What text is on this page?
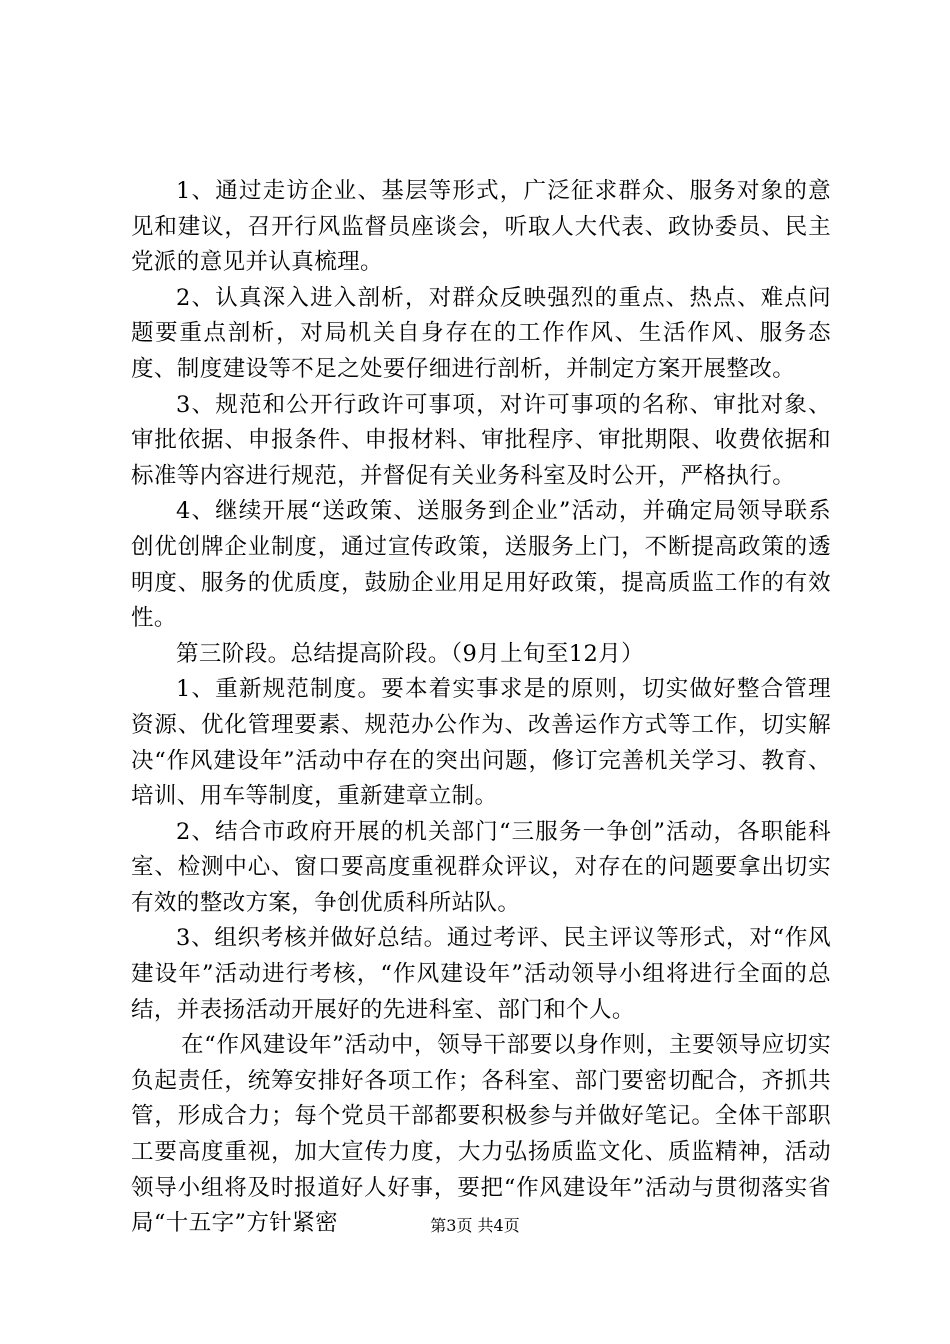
1、通过走访企业、基层等形式，广泛征求群众、服务对象的意见和建议，召开行风监督员座谈会，听取人大代表、政协委员、民主党派的意见并认真梳理。

2、认真深入进入剖析，对群众反映强烈的重点、热点、难点问题要重点剖析，对局机关自身存在的工作作风、生活作风、服务态度、制度建设等不足之处要仔细进行剖析，并制定方案开展整改。

3、规范和公开行政许可事项，对许可事项的名称、审批对象、审批依据、申报条件、申报材料、审批程序、审批期限、收费依据和标准等内容进行规范，并督促有关业务科室及时公开，严格执行。

4、继续开展“送政策、送服务到企业”活动，并确定局领导联系创优创牌企业制度，通过宣传政策，送服务上门，不断提高政策的透明度、服务的优质度，鼓励企业用足用好政策，提高质监工作的有效性。

第三阶段。总结提高阶段。（9月上旬至12月）

1、重新规范制度。要本着实事求是的原则，切实做好整合管理资源、优化管理要素、规范办公作为、改善运作方式等工作，切实解决“作风建设年”活动中存在的突出问题，修订完善机关学习、教育、培训、用车等制度，重新建章立制。

2、结合市政府开展的机关部门“三服务一争创”活动，各职能科室、检测中心、窗口要高度重视群众评议，对存在的问题要拿出切实有效的整改方案，争创优质科所站队。

3、组织考核并做好总结。通过考评、民主评议等形式，对“作风建设年”活动进行考核，“作风建设年”活动领导小组将进行全面的总结，并表扬活动开展好的先进科室、部门和个人。

在“作风建设年”活动中，领导干部要以身作则，主要领导应切实负起责任，统筹安排好各项工作；各科室、部门要密切配合，齐抓共管，形成合力；每个党员干部都要积极参与并做好笔记。全体干部职工要高度重视，加大宣传力度，大力弘扬质监文化、质监精神，活动领导小组将及时报道好人好事，要把“作风建设年”活动与贯彻落实省局“十五字”方针紧密	第3页 共4页
